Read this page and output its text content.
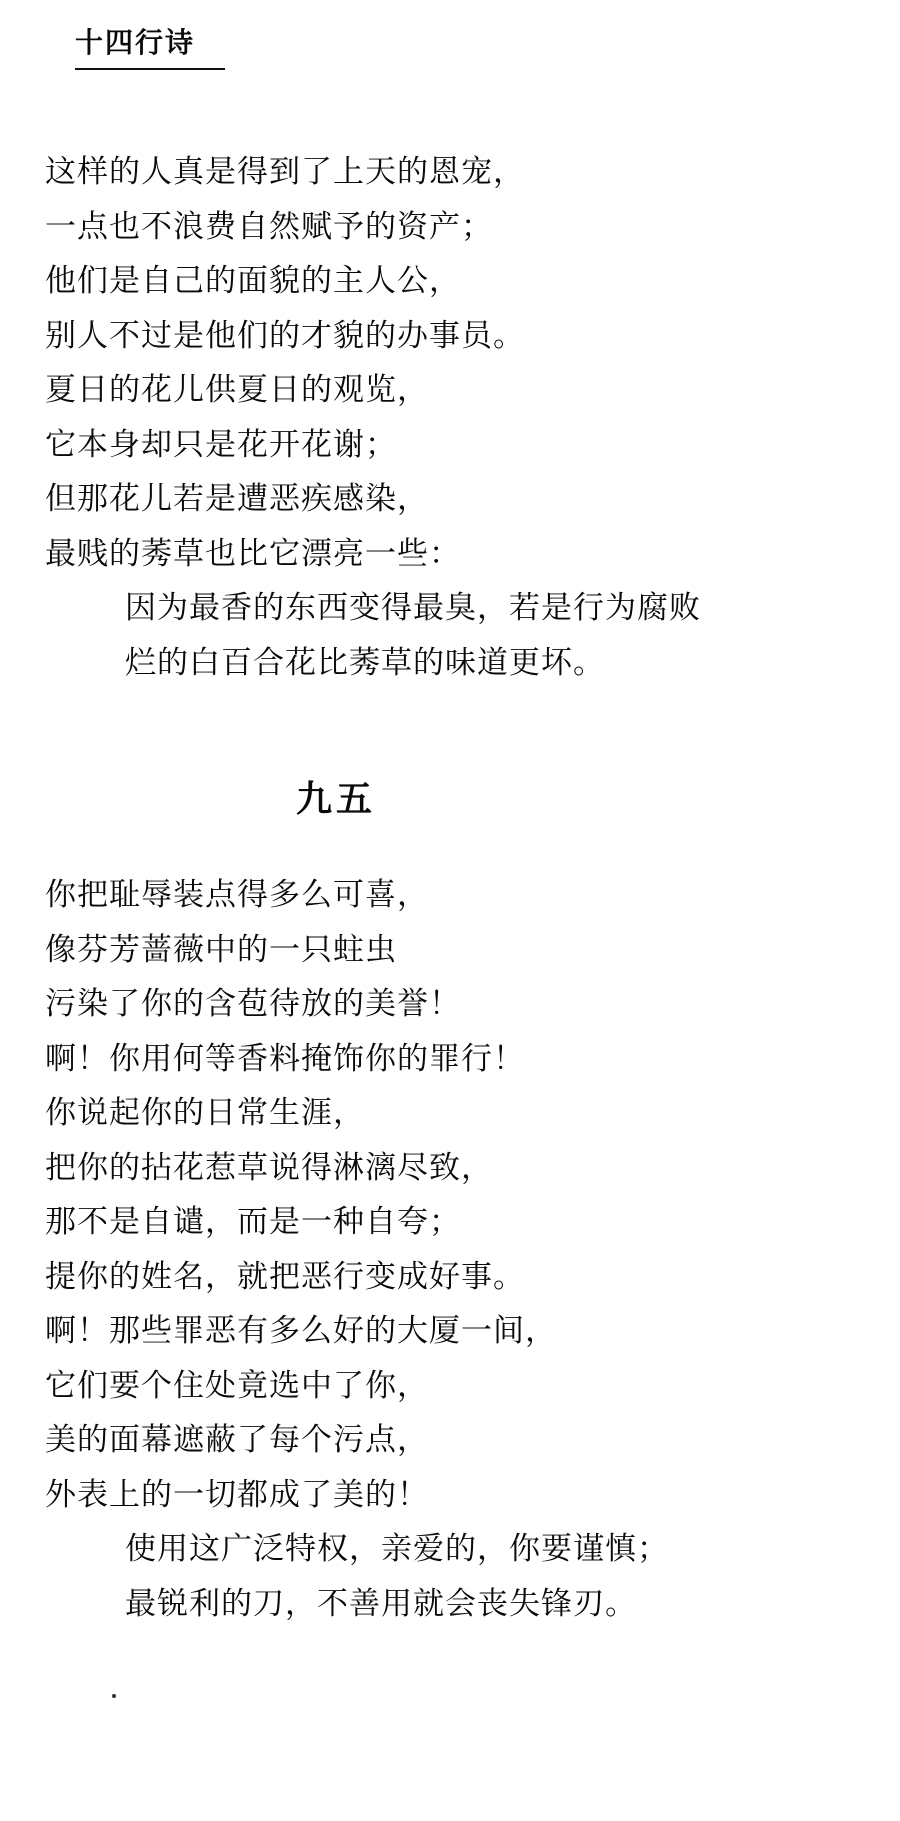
十四行诗
这样的人真是得到了上天的恩宠，
一点也不浪费自然赋予的资产；
他们是自己的面貌的主人公，
别人不过是他们的才貌的办事员。
夏日的花儿供夏日的观览，
它本身却只是花开花谢；
但那花儿若是遭恶疾感染，
最贱的莠草也比它漂亮一些：
因为最香的东西变得最臭，若是行为腐败
烂的白百合花比莠草的味道更坏。
九五
你把耻辱装点得多么可喜，
像芬芳蔷薇中的一只蛀虫
污染了你的含苞待放的美誉！
啊！你用何等香料掩饰你的罪行！
你说起你的日常生涯，
把你的拈花惹草说得淋漓尽致，
那不是自谴，而是一种自夸；
提你的姓名，就把恶行变成好事。
啊！那些罪恶有多么好的大厦一间，
它们要个住处竟选中了你，
美的面幕遮蔽了每个污点，
外表上的一切都成了美的！
使用这广泛特权，亲爱的，你要谨慎；
最锐利的刀，不善用就会丧失锋刃。
